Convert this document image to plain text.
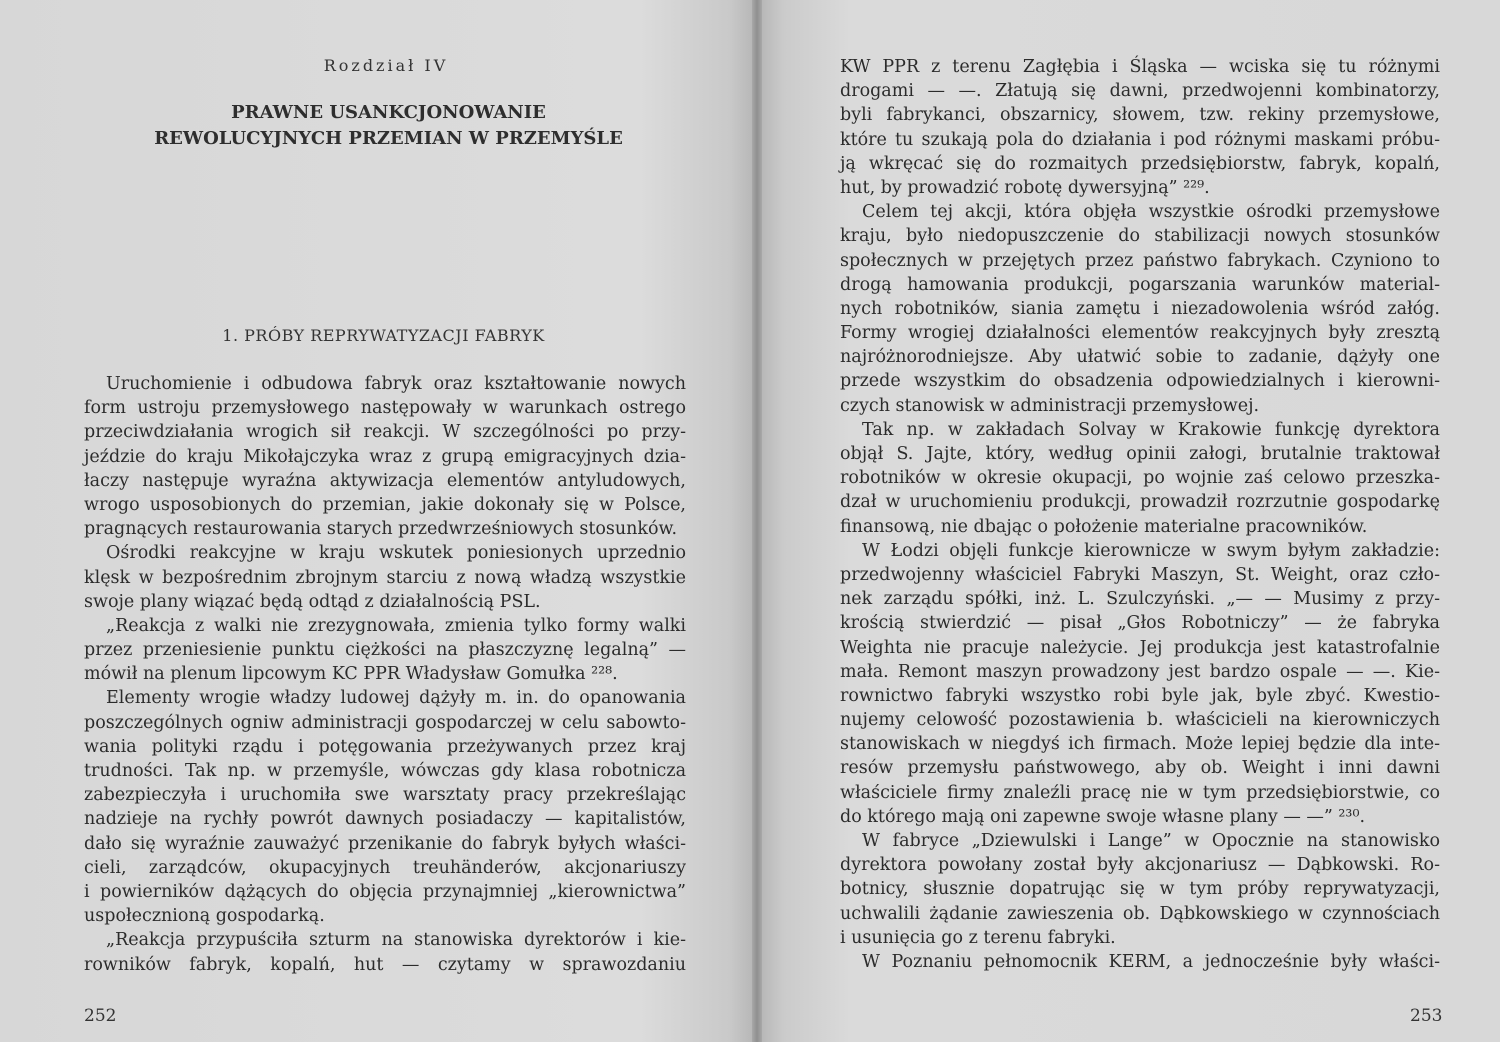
Rozdział IV
PRAWNE USANKCJONOWANIE
REWOLUCYJNYCH PRZEMIAN W PRZEMYŚLE
1. PRÓBY REPRYWATYZACJI FABRYK
Uruchomienie i odbudowa fabryk oraz kształtowanie nowych
form ustroju przemysłowego następowały w warunkach ostrego
przeciwdziałania wrogich sił reakcji. W szczególności po przy-
jeździe do kraju Mikołajczyka wraz z grupą emigracyjnych dzia-
łaczy następuje wyraźna aktywizacja elementów antyludowych,
wrogo usposobionych do przemian, jakie dokonały się w Polsce,
pragnących restaurowania starych przedwrześniowych stosunków.
Ośrodki reakcyjne w kraju wskutek poniesionych uprzednio
klęsk w bezpośrednim zbrojnym starciu z nową władzą wszystkie
swoje plany wiązać będą odtąd z działalnością PSL.
„Reakcja z walki nie zrezygnowała, zmienia tylko formy walki
przez przeniesienie punktu ciężkości na płaszczyznę legalną” —
mówił na plenum lipcowym KC PPR Władysław Gomułka ²²⁸.
Elementy wrogie władzy ludowej dążyły m. in. do opanowania
poszczególnych ogniw administracji gospodarczej w celu sabowto-
wania polityki rządu i potęgowania przeżywanych przez kraj
trudności. Tak np. w przemyśle, wówczas gdy klasa robotnicza
zabezpieczyła i uruchomiła swe warsztaty pracy przekreślając
nadzieje na rychły powrót dawnych posiadaczy — kapitalistów,
dało się wyraźnie zauważyć przenikanie do fabryk byłych właści-
cieli, zarządców, okupacyjnych treuhänderów, akcjonariuszy
i powierników dążących do objęcia przynajmniej „kierownictwa”
uspołecznioną gospodarką.
„Reakcja przypuściła szturm na stanowiska dyrektorów i kie-
rowników fabryk, kopalń, hut — czytamy w sprawozdaniu
252
KW PPR z terenu Zagłębia i Śląska — wciska się tu różnymi
drogami — —. Złatują się dawni, przedwojenni kombinatorzy,
byli fabrykanci, obszarnicy, słowem, tzw. rekiny przemysłowe,
które tu szukają pola do działania i pod różnymi maskami próbu-
ją wkręcać się do rozmaitych przedsiębiorstw, fabryk, kopalń,
hut, by prowadzić robotę dywersyjną” ²²⁹.
Celem tej akcji, która objęła wszystkie ośrodki przemysłowe
kraju, było niedopuszczenie do stabilizacji nowych stosunków
społecznych w przejętych przez państwo fabrykach. Czyniono to
drogą hamowania produkcji, pogarszania warunków material-
nych robotników, siania zamętu i niezadowolenia wśród załóg.
Formy wrogiej działalności elementów reakcyjnych były zresztą
najróżnorodniejsze. Aby ułatwić sobie to zadanie, dążyły one
przede wszystkim do obsadzenia odpowiedzialnych i kierowni-
czych stanowisk w administracji przemysłowej.
Tak np. w zakładach Solvay w Krakowie funkcję dyrektora
objął S. Jajte, który, według opinii załogi, brutalnie traktował
robotników w okresie okupacji, po wojnie zaś celowo przeszka-
dzał w uruchomieniu produkcji, prowadził rozrzutnie gospodarkę
finansową, nie dbając o położenie materialne pracowników.
W Łodzi objęli funkcje kierownicze w swym byłym zakładzie:
przedwojenny właściciel Fabryki Maszyn, St. Weight, oraz czło-
nek zarządu spółki, inż. L. Szulczyński. „— — Musimy z przy-
krością stwierdzić — pisał „Głos Robotniczy” — że fabryka
Weighta nie pracuje należycie. Jej produkcja jest katastrofalnie
mała. Remont maszyn prowadzony jest bardzo ospale — —. Kie-
rownictwo fabryki wszystko robi byle jak, byle zbyć. Kwestio-
nujemy celowość pozostawienia b. właścicieli na kierowniczych
stanowiskach w niegdyś ich firmach. Może lepiej będzie dla inte-
resów przemysłu państwowego, aby ob. Weight i inni dawni
właściciele firmy znaleźli pracę nie w tym przedsiębiorstwie, co
do którego mają oni zapewne swoje własne plany — —” ²³⁰.
W fabryce „Dziewulski i Lange” w Opocznie na stanowisko
dyrektora powołany został były akcjonariusz — Dąbkowski. Ro-
botnicy, słusznie dopatrując się w tym próby reprywatyzacji,
uchwalili żądanie zawieszenia ob. Dąbkowskiego w czynnościach
i usunięcia go z terenu fabryki.
W Poznaniu pełnomocnik KERM, a jednocześnie były właści-
253
